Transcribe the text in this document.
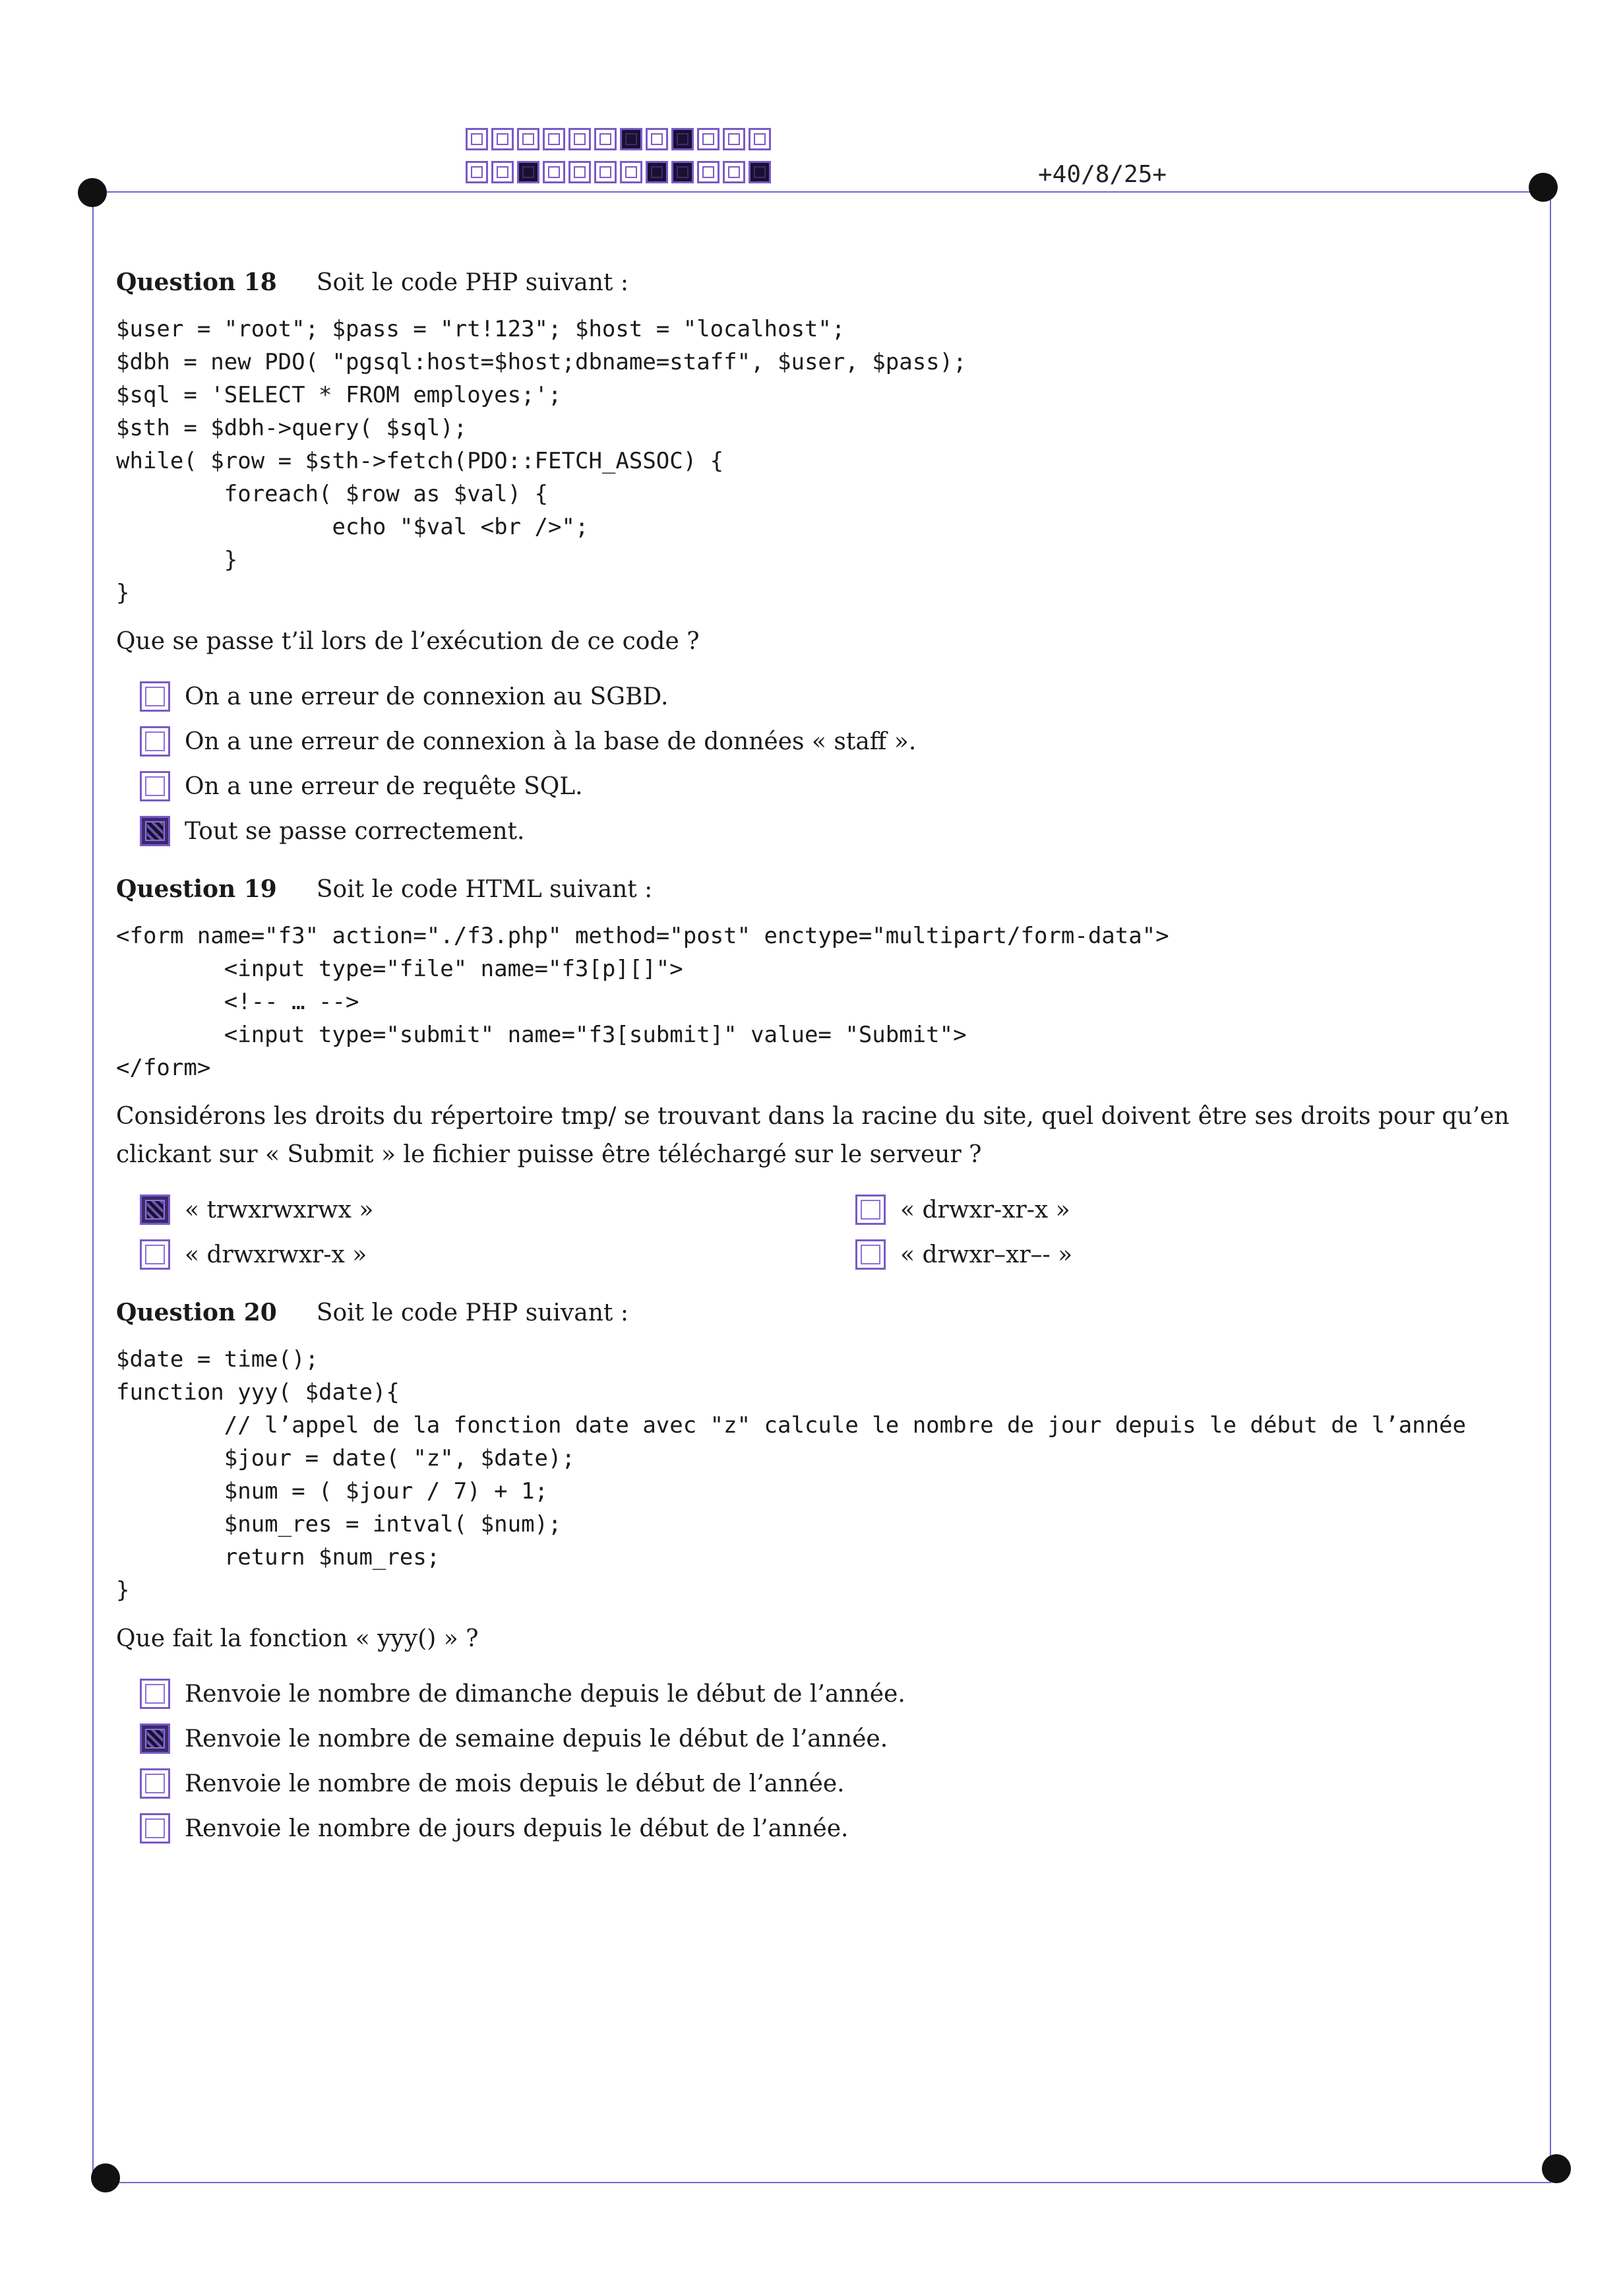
+40/8/25+

Question 18 Soit le code PHP suivant :

$user = "root"; $pass = "rt!123"; $host = "localhost";
$dbh = new PDO( "pgsql:host=$host;dbname=staff", $user, $pass);
$sql = 'SELECT * FROM employes;';
$sth = $dbh->query( $sql);
while( $row = $sth->fetch(PDO::FETCH_ASSOC) {
foreach( $row as $val) {
echo "$val <br />";
}
}

Que se passe t’il lors de l’exécution de ce code ?

On a une erreur de connexion au SGBD.
On a une erreur de connexion à la base de données « staff ».
On a une erreur de requête SQL.
Tout se passe correctement.

Question 19 Soit le code HTML suivant :

<form name="f3" action="./f3.php" method="post" enctype="multipart/form-data">
<input type="file" name="f3[p][]">
<!-- … -->
<input type="submit" name="f3[submit]" value= "Submit">
</form>

Considérons les droits du répertoire tmp/ se trouvant dans la racine du site, quel doivent être ses droits pour qu’en clickant sur « Submit » le fichier puisse être téléchargé sur le serveur ?

« trwxrwxrwx »	« drwxr-xr-x »
« drwxrwxr-x »	« drwxr–xr–- »

Question 20 Soit le code PHP suivant :

$date = time();
function yyy( $date){
// l’appel de la fonction date avec "z" calcule le nombre de jour depuis le début de l’année
$jour = date( "z", $date);
$num = ( $jour / 7) + 1;
$num_res = intval( $num);
return $num_res;
}

Que fait la fonction « yyy() » ?

Renvoie le nombre de dimanche depuis le début de l’année.
Renvoie le nombre de semaine depuis le début de l’année.
Renvoie le nombre de mois depuis le début de l’année.
Renvoie le nombre de jours depuis le début de l’année.
